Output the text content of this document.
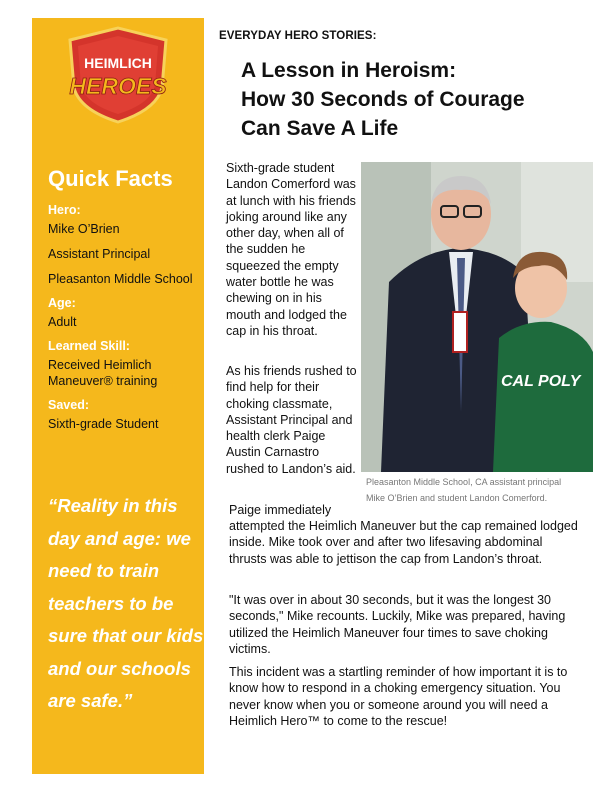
HEIMLICH
HEROES
Quick Facts

Hero:

Mike O’Brien

Assistant Principal

Pleasanton Middle School

Age:

Adult

Learned Skill:

Received Heimlich Maneuver® training

Saved:

Sixth-grade Student

“Reality in this day and age: we need to train teachers to be sure that our kids and our schools are safe.”

EVERYDAY HERO STORIES:

A Lesson in Heroism:
How 30 Seconds of Courage
Can Save A Life

Sixth-grade student Landon Comerford was at lunch with his friends joking around like any other day, when all of the sudden he squeezed the empty water bottle he was chewing on in his mouth and lodged the cap in his throat.

As his friends rushed to find help for their choking classmate, Assistant Principal and health clerk Paige Austin Carnastro rushed to Landon’s aid.

Paige immediately

attempted the Heimlich Maneuver but the cap remained lodged inside. Mike took over and after two lifesaving abdominal thrusts was able to jettison the cap from Landon’s throat.

"It was over in about 30 seconds, but it was the longest 30 seconds," Mike recounts. Luckily, Mike was prepared, having utilized the Heimlich Maneuver four times to save choking victims.

This incident was a startling reminder of how important it is to know how to respond in a choking emergency situation. You never know when you or someone around you will need a Heimlich Hero™ to come to the rescue!

CAL POLY

Pleasanton Middle School, CA assistant principal
Mike O’Brien and student Landon Comerford.
